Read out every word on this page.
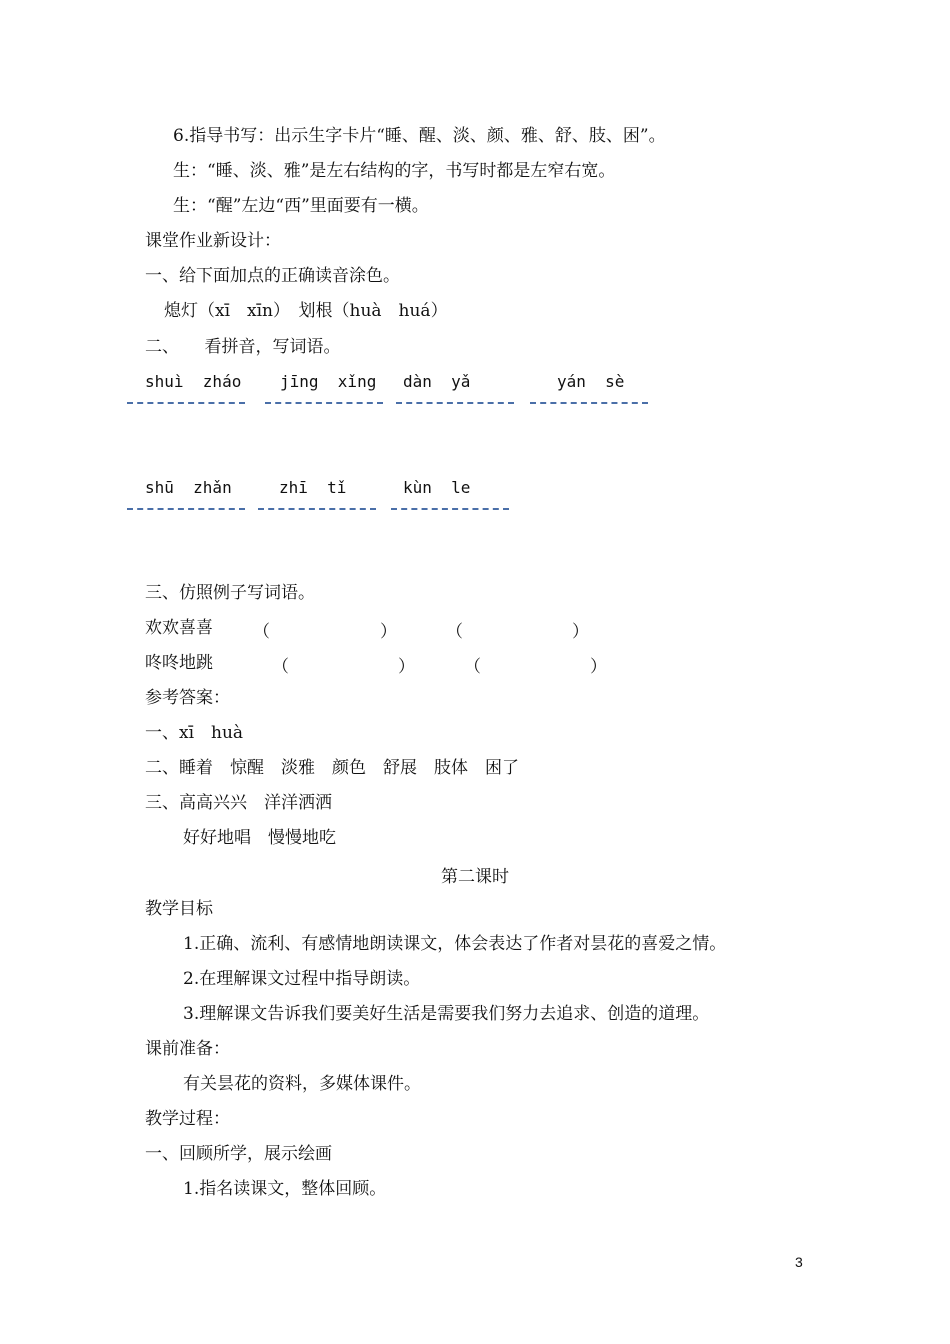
6.指导书写：出示生字卡片“睡、醒、淡、颜、雅、舒、肢、困”。
生：“睡、淡、雅”是左右结构的字，书写时都是左窄右宽。
生：“醒”左边“西”里面要有一横。
课堂作业新设计：
一、给下面加点的正确读音涂色。
熄灯（xī　xīn）　划根（huà　huá）
二、　　看拼音，写词语。
shuì  zháo jīng  xǐng dàn  yǎ	yán  sè
shū  zhǎn	zhī  tǐ	kùn  le
三、仿照例子写词语。
欢欢喜喜 （	）	（	）
咚咚地跳	（	）	（	）
参考答案：
一、xī　huà
二、睡着　惊醒　淡雅　颜色　舒展　肢体　困了
三、高高兴兴　洋洋洒洒
好好地唱　慢慢地吃
第二课时
教学目标
1.正确、流利、有感情地朗读课文，体会表达了作者对昙花的喜爱之情。
2.在理解课文过程中指导朗读。
3.理解课文告诉我们要美好生活是需要我们努力去追求、创造的道理。
课前准备：
有关昙花的资料，多媒体课件。
教学过程：
一、回顾所学，展示绘画
1.指名读课文，整体回顾。
3
